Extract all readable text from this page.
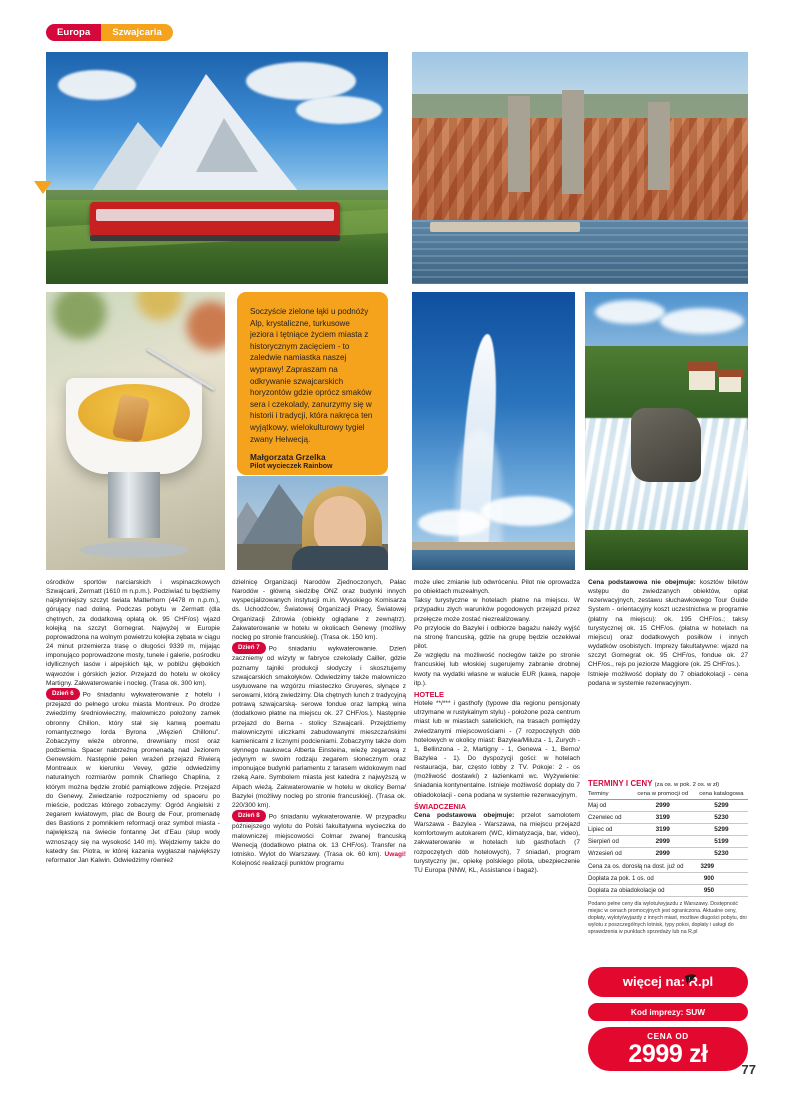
Europa	Szwajcaria
Soczyście zielone łąki u podnóży Alp, krystaliczne, turkusowe jeziora i tętniące życiem miasta z historycznym zacięciem - to zaledwie namiastka naszej wyprawy! Zapraszam na odkrywanie szwajcarskich horyzontów gdzie oprócz smaków sera i czekolady, zanurzymy się w historii i tradycji, która nakręca ten wyjątkowy, wielokulturowy tygiel zwany Helwecją.
Małgorzata Grzelka
Pilot wycieczek Rainbow

ośrodków sportów narciarskich i wspinaczkowych Szwajcarii, Zermatt (1610 m n.p.m.). Podziwiać tu będziemy najsłynniejszy szczyt świata Matterhorn (4478 m n.p.m.), górujący nad doliną. Podczas pobytu w Zermatt (dla chętnych, za dodatkową opłatą ok. 95 CHF/os) wjazd kolejką na szczyt Gornegrat. Najwyżej w Europie poprowadzona na wolnym powietrzu kolejka zębata w ciągu 24 minut przemierza trasę o długości 9339 m, mijając imponująco poprowadzone mosty, tunele i galerie, pośrodku idyllicznych lasów i alpejskich łąk, w pobliżu głębokich wąwozów i górskich jezior. Przejazd do hotelu w okolicy Martigny. Zakwaterowanie i nocleg. (Trasa ok. 300 km).

Dzień 6 Po śniadaniu wykwaterowanie z hotelu i przejazd do pełnego uroku miasta Montreux. Po drodze zwiedzimy średniowieczny, malowniczo położony zamek obronny Chillon, który stał się kanwą poematu romantycznego lorda Byrona „Więzień Chillonu”. Zobaczymy wieże obronne, drewniany most oraz podziemia. Spacer nabrzeżną promenadą nad Jeziorem Genewskim. Następnie pełen wrażeń przejazd Riwierą Montreaux w kierunku Vevey, gdzie odwiedzimy naturalnych rozmiarów pomnik Charliego Chaplina, z którym można będzie zrobić pamiątkowe zdjęcie. Przejazd do Genewy. Zwiedzanie rozpoczniemy od spaceru po mieście, podczas którego zobaczymy: Ogród Angielski z zegarem kwiatowym, plac de Bourg de Four, promenadę des Bastions z pomnikiem reformacji oraz symbol miasta - największą na świecie fontannę Jet d'Eau (słup wody wznoszący się na wysokość 140 m). Wejdziemy także do katedry św. Piotra, w której kazania wygłaszał największy reformator Jan Kalwin. Odwiedzimy również

dzielnicę Organizacji Narodów Zjednoczonych, Pałac Narodów - główną siedzibę ONZ oraz budynki innych wyspecjalizowanych instytucji m.in. Wysokiego Komisarza ds. Uchodźców, Światowej Organizacji Pracy, Światowej Organizacji Zdrowia (obiekty oglądane z zewnątrz). Zakwaterowanie w hotelu w okolicach Genewy (możliwy nocleg po stronie francuskiej). (Trasa ok. 150 km).

Dzień 7 Po śniadaniu wykwaterowanie. Dzień zaczniemy od wizyty w fabryce czekolady Cailler, gdzie poznamy tajniki produkcji słodyczy i skosztujemy szwajcarskich smakołyków. Odwiedzimy także malowniczo usytuowane na wzgórzu miasteczko Gruyeres, słynące z serowarni, którą zwiedzimy. Dla chętnych lunch z tradycyjną potrawą szwajcarską- serowe fondue oraz lampką wina (dodatkowo płatne na miejscu ok. 27 CHF/os.). Następnie przejazd do Berna - stolicy Szwajcarii. Przejdziemy malowniczymi uliczkami zabudowanymi mieszczańskimi kamienicami z licznymi podcieniami. Zobaczymy także dom słynnego naukowca Alberta Einsteina, wieżę zegarową z jedynym w swoim rodzaju zegarem słonecznym oraz imponujące budynki parlamentu z tarasem widokowym nad rzeką Aare. Symbolem miasta jest katedra z najwyższą w Alpach wieżą. Zakwaterowanie w hotelu w okolicy Berna/ Bazylei (możliwy nocleg po stronie francuskiej). (Trasa ok. 220/300 km).

Dzień 8 Po śniadaniu wykwaterowanie. W przypadku późniejszego wylotu do Polski fakultatywna wycieczka do malowniczej miejscowości Colmar zwanej francuską Wenecją (dodatkowo płatna ok. 13 CHF/os). Transfer na lotnisko. Wylot do Warszawy. (Trasa ok. 60 km). Uwagi! Kolejność realizacji punktów programu

może ulec zmianie lub odwróceniu. Pilot nie oprowadza po obiektach muzealnych.

Taksy turystyczne w hotelach płatne na miejscu. W przypadku złych warunków pogodowych przejazd przez przełęcze może zostać niezrealizowany.

Po przylocie do Bazylei i odbiorze bagażu należy wyjść na stronę francuską, gdzie na grupę będzie oczekiwał pilot.

Ze względu na możliwość noclegów także po stronie francuskiej lub włoskiej sugerujemy zabranie drobnej kwoty na wydatki własne w walucie EUR (kawa, napoje itp.).

HOTELE

Hotele **/*** i gasthofy (typowe dla regionu pensjonaty utrzymane w rustykalnym stylu) - położone poza centrum miast lub w miastach satelickich, na trasach pomiędzy zwiedzanymi miejscowościami - (7 rozpoczętych dób hotelowych w okolicy miast: Bazylea/Miluza - 1, Zurych - 1, Bellinzona - 2, Martigny - 1, Genewa - 1, Berno/ Bazylea - 1). Do dyspozycji gości: w hotelach restauracja, bar, często lobby z TV. Pokoje: 2 - os (możliwość dostawki) z łazienkami wc. Wyżywienie: śniadania kontynentalne. Istnieje możliwość dopłaty do 7 obiadokolacji - cena podana w systemie rezerwacyjnym.

ŚWIADCZENIA

Cena podstawowa obejmuje: przelot samolotem Warszawa - Bazylea - Warszawa, na miejscu przejazd komfortowym autokarem (WC, klimatyzacja, bar, video), zakwaterowanie w hotelach lub gasthofach (7 rozpoczętych dób hotelowych), 7 śniadań, program turystyczny jw., opiekę polskiego pilota, ubezpieczenie TU Europa (NNW, KL, Assistance i bagaż).

Cena podstawowa nie obejmuje: kosztów biletów wstępu do zwiedzanych obiektów, opłat rezerwacyjnych, zestawu słuchawkowego Tour Guide System - orientacyjny koszt uczestnictwa w programie (płatny na miejscu): ok. 195 CHF/os.; taksy turystycznej ok. 15 CHF/os. (płatna w hotelach na miejscu) oraz dodatkowych posiłków i innych wydatków osobistych. Imprezy fakultatywne: wjazd na szczyt Gornegrat ok. 95 CHF/os, fondue ok. 27 CHF/os., rejs po jeziorze Maggiore (ok. 25 CHF/os.).

Istnieje możliwość dopłaty do 7 obiadokolacji - cena podana w systemie rezerwacyjnym.

TERMINY I CENY (za os. w pok. 2 os. w zł)
Terminy	cena w promocji od	cena katalogowa
Maj od	2999	5299
Czerwiec od	3199	5230
Lipiec od	3199	5299
Sierpień od	2999	5199
Wrzesień od	2999	5230
Cena za os. dorosłą na dost. już od		3299
Dopłata za pok. 1 os. od		900
Dopłata za obiadokolacje od		950
Podano pełne ceny dla wylotu/wyjazdu z Warszawy. Dostępność miejsc w cenach promocyjnych jest ograniczona. Aktualne ceny, dopłaty, wyloty/wyjazdy z innych miast, możliwe długości pobytu, dni wylotu z poszczególnych lotnisk, typy pokoi, dopłaty i usługi do sprawdzenia w punktach sprzedaży lub na R.pl
więcej na: R.pl
Kod imprezy: SUW
CENA OD
2999 zł
77
